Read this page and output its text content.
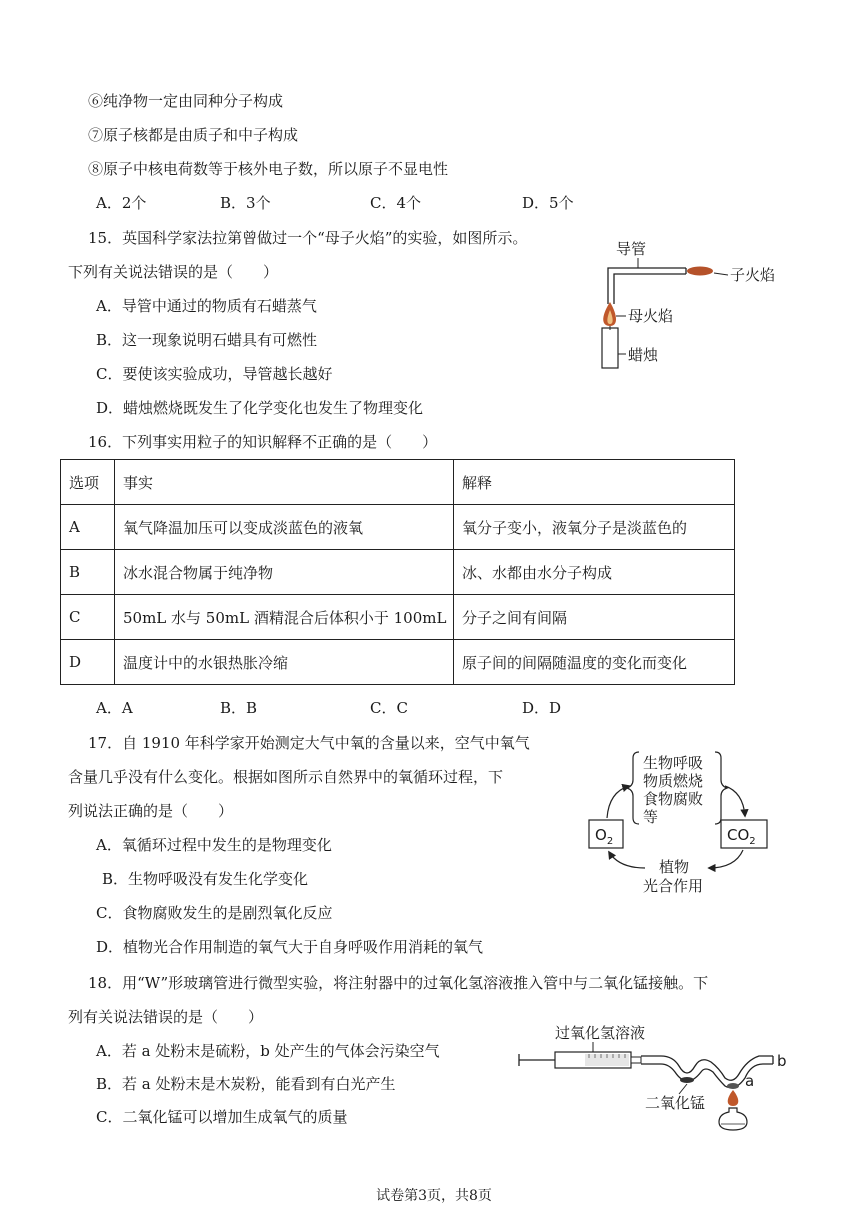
⑥纯净物一定由同种分子构成
⑦原子核都是由质子和中子构成
⑧原子中核电荷数等于核外电子数，所以原子不显电性
A．2个	B．3个	C．4个	D．5个
15．英国科学家法拉第曾做过一个“母子火焰”的实验，如图所示。
下列有关说法错误的是（　　）
A．导管中通过的物质有石蜡蒸气
B．这一现象说明石蜡具有可燃性
C．要使该实验成功，导管越长越好
D．蜡烛燃烧既发生了化学变化也发生了物理变化
导管
子火焰
母火焰
蜡烛
16．下列事实用粒子的知识解释不正确的是（　　）
选项	事实	解释
A	氧气降温加压可以变成淡蓝色的液氧	氧分子变小，液氧分子是淡蓝色的
B	冰水混合物属于纯净物	冰、水都由水分子构成
C	50mL 水与 50mL 酒精混合后体积小于 100mL	分子之间有间隔
D	温度计中的水银热胀冷缩	原子间的间隔随温度的变化而变化
A．A	B．B	C．C	D．D
17．自 1910 年科学家开始测定大气中氧的含量以来，空气中氧气
含量几乎没有什么变化。根据如图所示自然界中的氧循环过程，下
列说法正确的是（　　）
A．氧循环过程中发生的是物理变化
B．生物呼吸没有发生化学变化
C．食物腐败发生的是剧烈氧化反应
D．植物光合作用制造的氧气大于自身呼吸作用消耗的氧气
生物呼吸
物质燃烧
食物腐败
等
$O_2$	$CO_2$
植物
光合作用
18．用“W”形玻璃管进行微型实验，将注射器中的过氧化氢溶液推入管中与二氧化锰接触。下
列有关说法错误的是（　　）
A．若 a 处粉末是硫粉，b 处产生的气体会污染空气
B．若 a 处粉末是木炭粉，能看到有白光产生
C．二氧化锰可以增加生成氧气的质量
过氧化氢溶液
b
a
二氧化锰
试卷第3页，共8页
